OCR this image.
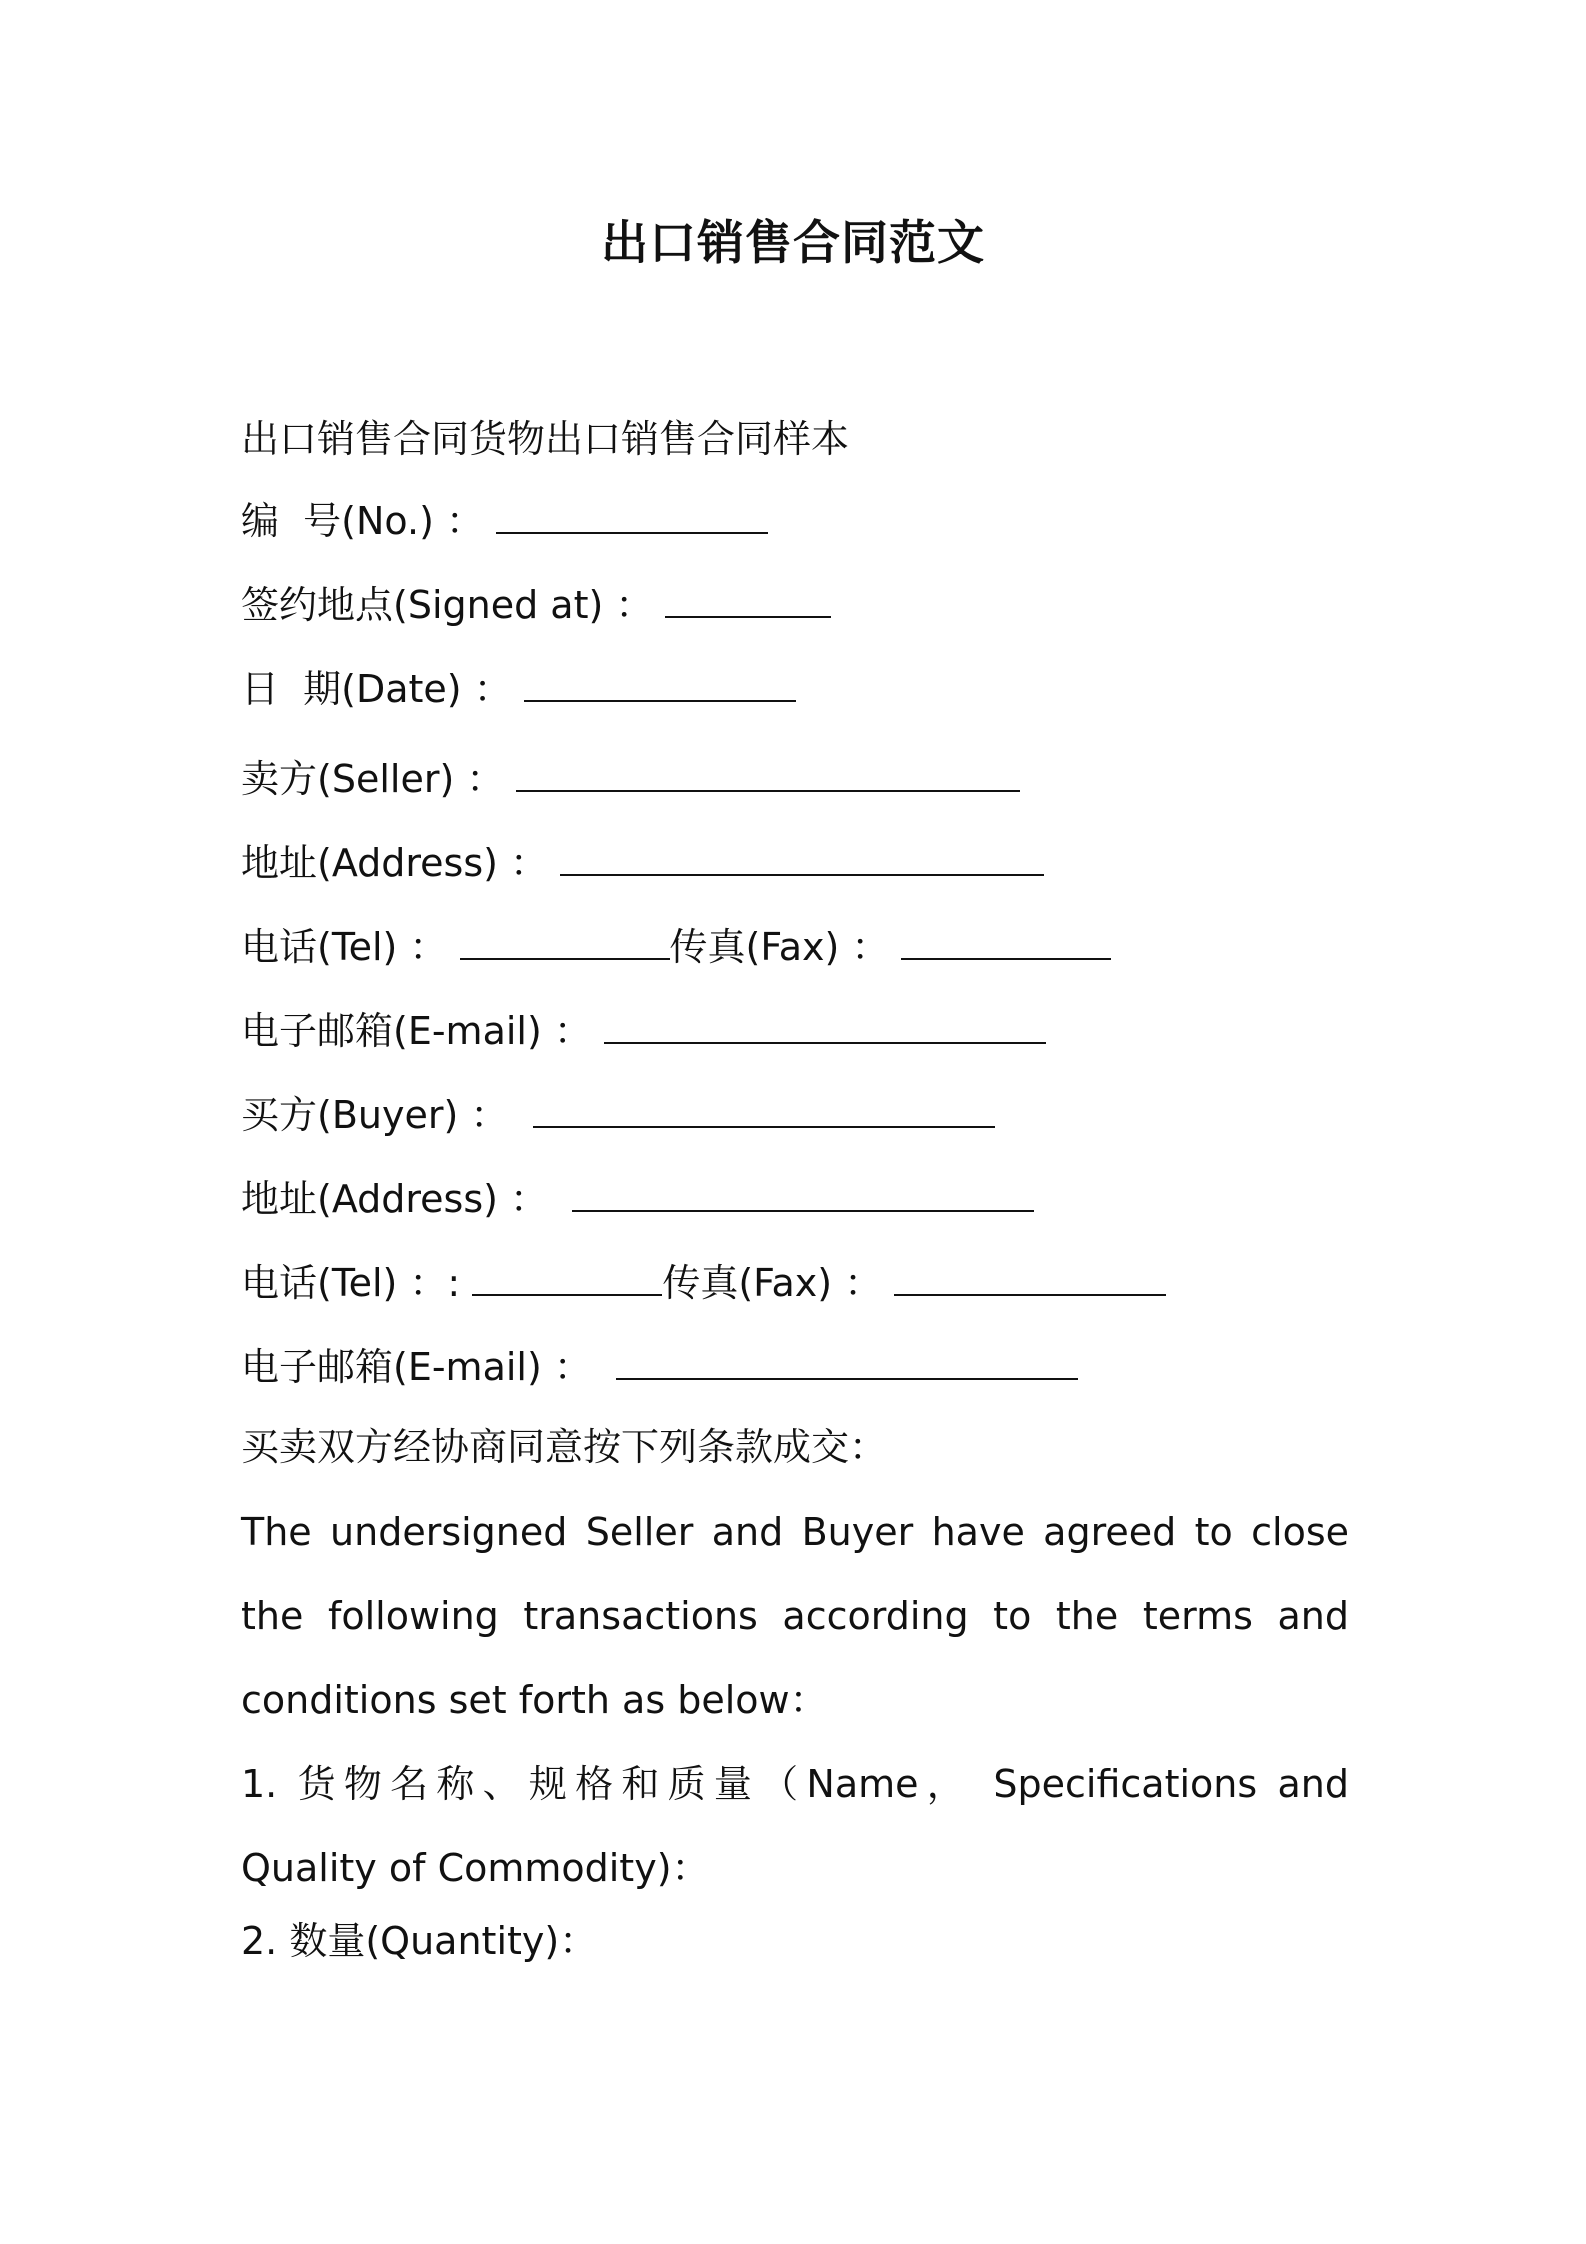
出口销售合同范文

出口销售合同货物出口销售合同样本

编  号(No.) ：

签约地点(Signed at) ：

日  期(Date) ：

卖方(Seller) ：

地址(Address) ：

电话(Tel) ：	传真(Fax) ：

电子邮箱(E-mail) ：

买方(Buyer) ：

地址(Address) ：

电话(Tel) ：:	传真(Fax) ：

电子邮箱(E-mail) ：

买卖双方经协商同意按下列条款成交：

The undersigned Seller and Buyer have agreed to close the following transactions according to the terms and conditions set forth as below：

1. 货物名称、规格和质量（Name， Specifications and Quality of Commodity)：

2. 数量(Quantity)：
